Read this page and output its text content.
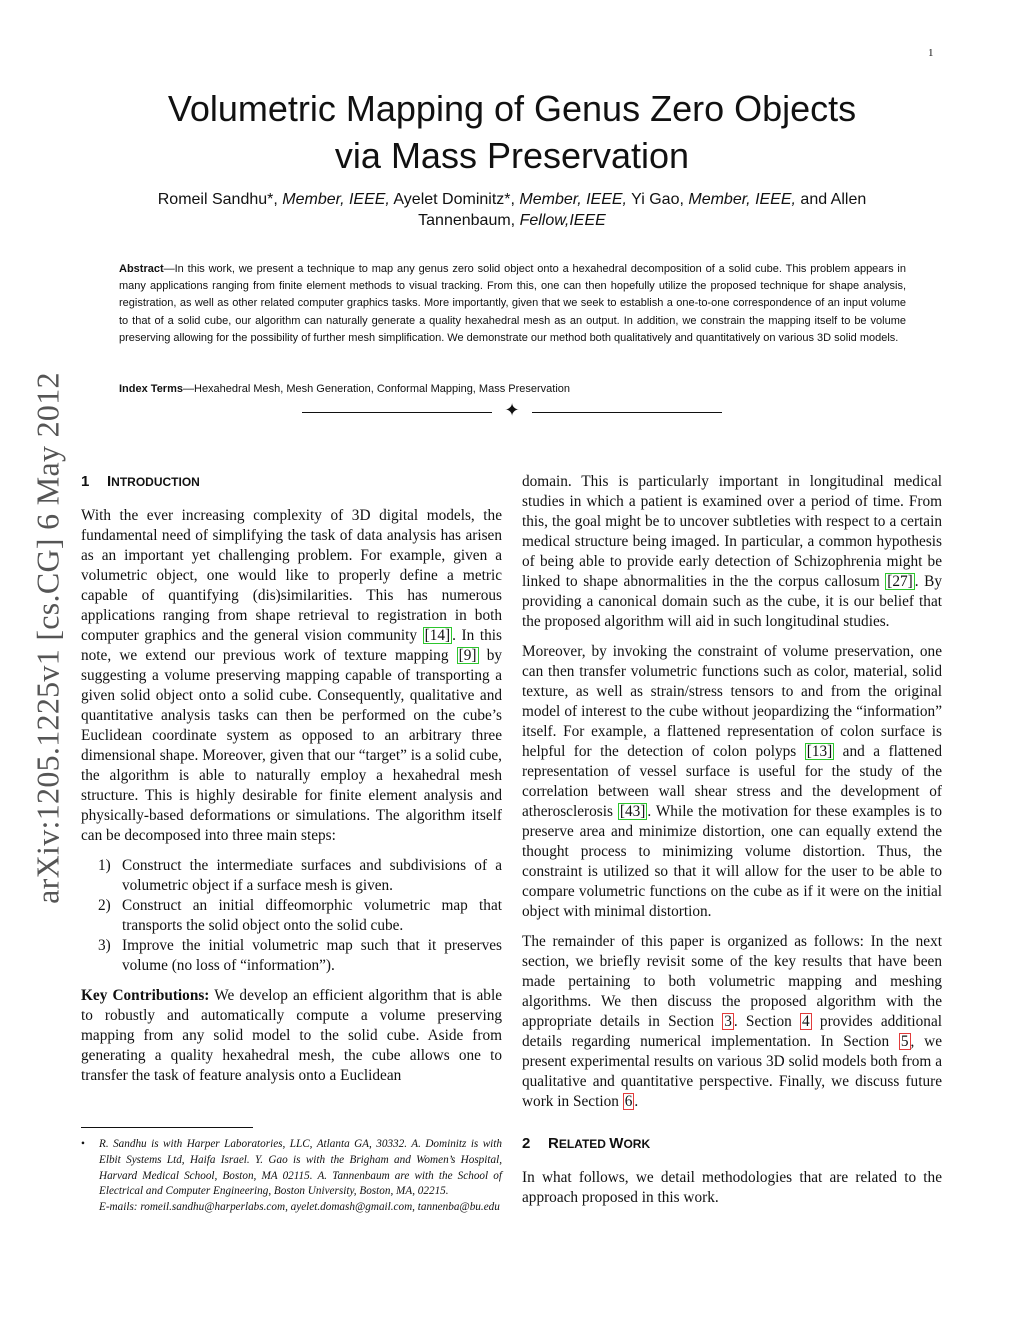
1
arXiv:1205.1225v1 [cs.CG] 6 May 2012
Volumetric Mapping of Genus Zero Objects
via Mass Preservation
Romeil Sandhu*, Member, IEEE, Ayelet Dominitz*, Member, IEEE, Yi Gao, Member, IEEE, and Allen
Tannenbaum, Fellow,IEEE
Abstract—In this work, we present a technique to map any genus zero solid object onto a hexahedral decomposition of a solid cube. This problem appears in many applications ranging from finite element methods to visual tracking. From this, one can then hopefully utilize the proposed technique for shape analysis, registration, as well as other related computer graphics tasks. More importantly, given that we seek to establish a one-to-one correspondence of an input volume to that of a solid cube, our algorithm can naturally generate a quality hexahedral mesh as an output. In addition, we constrain the mapping itself to be volume preserving allowing for the possibility of further mesh simplification. We demonstrate our method both qualitatively and quantitatively on various 3D solid models.
Index Terms—Hexahedral Mesh, Mesh Generation, Conformal Mapping, Mass Preservation
✦
1 INTRODUCTION

With the ever increasing complexity of 3D digital models, the fundamental need of simplifying the task of data analysis has arisen as an important yet challenging problem. For example, given a volumetric object, one would like to properly define a metric capable of quantifying (dis)similarities. This has numerous applications ranging from shape retrieval to registration in both computer graphics and the general vision community [14] . In this note, we extend our previous work of texture mapping [9] by suggesting a volume preserving mapping capable of transporting a given solid object onto a solid cube. Consequently, qualitative and quantitative analysis tasks can then be performed on the cube’s Euclidean coordinate system as opposed to an arbitrary three dimensional shape. Moreover, given that our “target” is a solid cube, the algorithm is able to naturally employ a hexahedral mesh structure. This is highly desirable for finite element analysis and physically-based deformations or simulations. The algorithm itself can be decomposed into three main steps:

1) Construct the intermediate surfaces and subdivisions of a volumetric object if a surface mesh is given.
2) Construct an initial diffeomorphic volumetric map that transports the solid object onto the solid cube.
3) Improve the initial volumetric map such that it preserves volume (no loss of “information”).

Key Contributions: We develop an efficient algorithm that is able to robustly and automatically compute a volume preserving mapping from any solid model to the solid cube. Aside from generating a quality hexahedral mesh, the cube allows one to transfer the task of feature analysis onto a Euclidean

• R. Sandhu is with Harper Laboratories, LLC, Atlanta GA, 30332. A. Dominitz is with Elbit Systems Ltd, Haifa Israel. Y. Gao is with the Brigham and Women’s Hospital, Harvard Medical School, Boston, MA 02115. A. Tannenbaum are with the School of Electrical and Computer Engineering, Boston University, Boston, MA, 02215.
E-mails: romeil.sandhu@harperlabs.com, ayelet.domash@gmail.com, tannenba@bu.edu

domain. This is particularly important in longitudinal medical studies in which a patient is examined over a period of time. From this, the goal might be to uncover subtleties with respect to a certain medical structure being imaged. In particular, a common hypothesis of being able to provide early detection of Schizophrenia might be linked to shape abnormalities in the the corpus callosum [27] . By providing a canonical domain such as the cube, it is our belief that the proposed algorithm will aid in such longitudinal studies.

Moreover, by invoking the constraint of volume preservation, one can then transfer volumetric functions such as color, material, solid texture, as well as strain/stress tensors to and from the original model of interest to the cube without jeopardizing the “information” itself. For example, a flattened representation of colon surface is helpful for the detection of colon polyps [13] and a flattened representation of vessel surface is useful for the study of the correlation between wall shear stress and the development of atherosclerosis [43] . While the motivation for these examples is to preserve area and minimize distortion, one can equally extend the thought process to minimizing volume distortion. Thus, the constraint is utilized so that it will allow for the user to be able to compare volumetric functions on the cube as if it were on the initial object with minimal distortion.

The remainder of this paper is organized as follows: In the next section, we briefly revisit some of the key results that have been made pertaining to both volumetric mapping and meshing algorithms. We then discuss the proposed algorithm with the appropriate details in Section 3 . Section 4 provides additional details regarding numerical implementation. In Section 5 , we present experimental results on various 3D solid models both from a qualitative and quantitative perspective. Finally, we discuss future work in Section 6 .

2 RELATED WORK

In what follows, we detail methodologies that are related to the approach proposed in this work.
